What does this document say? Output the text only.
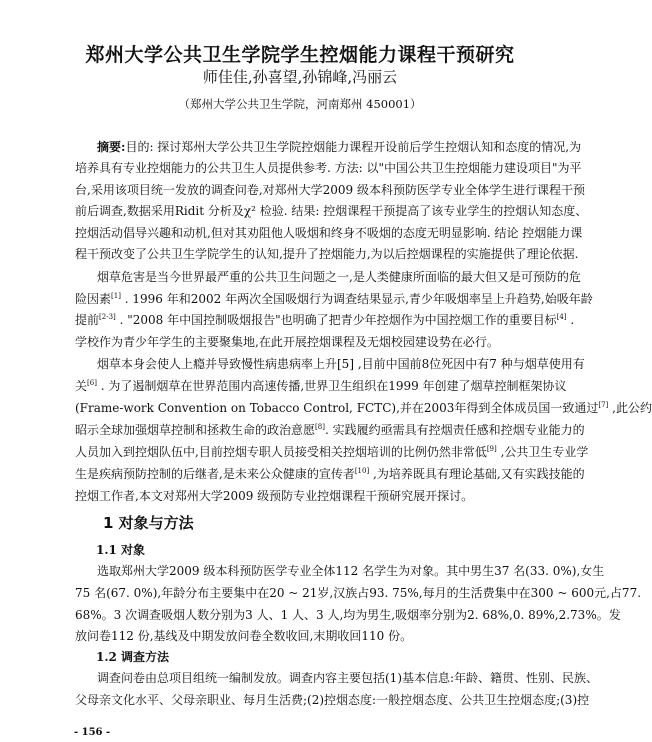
郑州大学公共卫生学院学生控烟能力课程干预研究
师佳佳,孙喜望,孙锦峰,冯丽云
（郑州大学公共卫生学院，河南郑州 450001）
摘要:目的: 探讨郑州大学公共卫生学院控烟能力课程开设前后学生控烟认知和态度的情况,为
培养具有专业控烟能力的公共卫生人员提供参考. 方法: 以"中国公共卫生控烟能力建设项目"为平
台,采用该项目统一发放的调查问卷,对郑州大学2009 级本科预防医学专业全体学生进行课程干预
前后调查,数据采用Ridit 分析及χ² 检验. 结果: 控烟课程干预提高了该专业学生的控烟认知态度、
控烟活动倡导兴趣和动机,但对其劝阻他人吸烟和终身不吸烟的态度无明显影响. 结论 控烟能力课
程干预改变了公共卫生学院学生的认知,提升了控烟能力,为以后控烟课程的实施提供了理论依据.
烟草危害是当今世界最严重的公共卫生问题之一,是人类健康所面临的最大但又是可预防的危
险因素[1] . 1996 年和2002 年两次全国吸烟行为调查结果显示,青少年吸烟率呈上升趋势,始吸年龄
提前[2-3] . "2008 年中国控制吸烟报告"也明确了把青少年控烟作为中国控烟工作的重要目标[4] .
学校作为青少年学生的主要聚集地,在此开展控烟课程及无烟校园建设势在必行。
烟草本身会使人上瘾并导致慢性病患病率上升[5] ,目前中国前8位死因中有7 种与烟草使用有
关[6] . 为了遏制烟草在世界范围内高速传播,世界卫生组织在1999 年创建了烟草控制框架协议
(Frame-work Convention on Tobacco Control, FCTC),并在2003年得到全体成员国一致通过[7] ,此公约
昭示全球加强烟草控制和拯救生命的政治意愿[8]. 实践履约亟需具有控烟责任感和控烟专业能力的
人员加入到控烟队伍中,目前控烟专职人员接受相关控烟培训的比例仍然非常低[9] ,公共卫生专业学
生是疾病预防控制的后继者,是未来公众健康的宣传者[10] ,为培养既具有理论基础,又有实践技能的
控烟工作者,本文对郑州大学2009 级预防专业控烟课程干预研究展开探讨。
1 对象与方法
1.1 对象
选取郑州大学2009 级本科预防医学专业全体112 名学生为对象。其中男生37 名(33. 0%),女生
75 名(67. 0%),年龄分布主要集中在20 ~ 21岁,汉族占93. 75%,每月的生活费集中在300 ~ 600元,占77.
68%。3 次调查吸烟人数分别为3 人、1 人、3 人,均为男生,吸烟率分别为2. 68%,0. 89%,2.73%。发
放问卷112 份,基线及中期发放问卷全数收回,末期收回110 份。
1.2 调查方法
调查问卷由总项目组统一编制发放。调查内容主要包括(1)基本信息:年龄、籍贯、性别、民族、
父母亲文化水平、父母亲职业、每月生活费;(2)控烟态度:一般控烟态度、公共卫生控烟态度;(3)控
- 156 -
